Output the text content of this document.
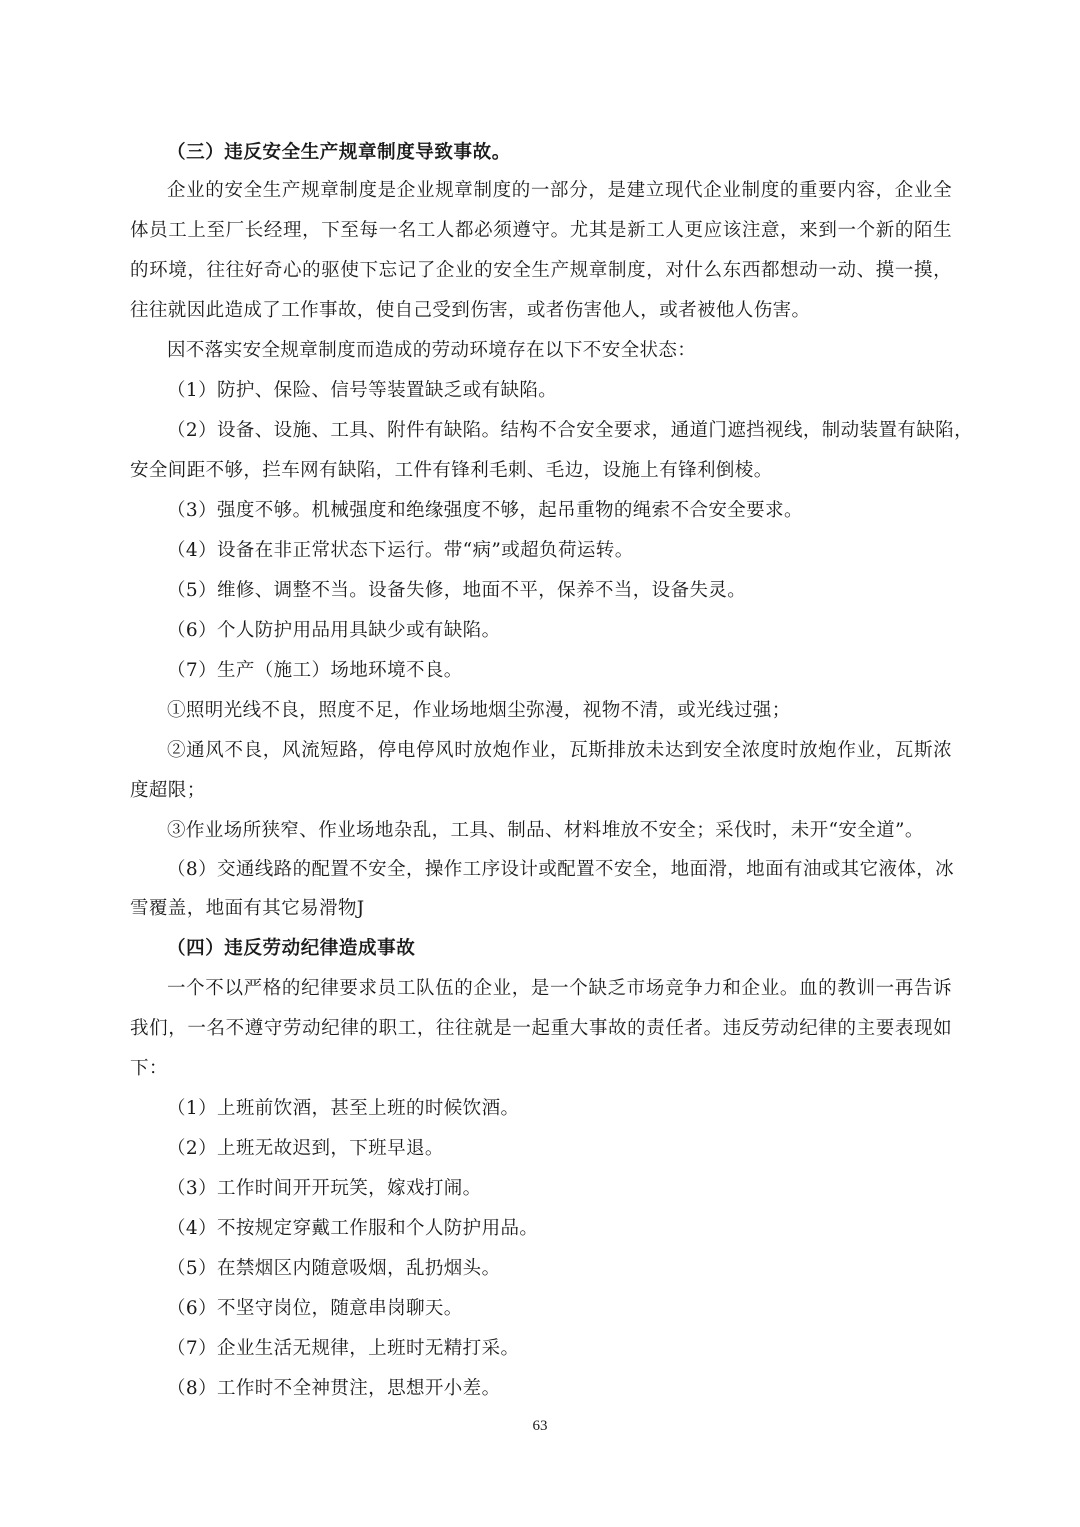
（三）违反安全生产规章制度导致事故。
企业的安全生产规章制度是企业规章制度的一部分，是建立现代企业制度的重要内容，企业全
体员工上至厂长经理，下至每一名工人都必须遵守。尤其是新工人更应该注意，来到一个新的陌生
的环境，往往好奇心的驱使下忘记了企业的安全生产规章制度，对什么东西都想动一动、摸一摸，
往往就因此造成了工作事故，使自己受到伤害，或者伤害他人，或者被他人伤害。
因不落实安全规章制度而造成的劳动环境存在以下不安全状态：
（1）防护、保险、信号等装置缺乏或有缺陷。
（2）设备、设施、工具、附件有缺陷。结构不合安全要求，通道门遮挡视线，制动装置有缺陷，
安全间距不够，拦车网有缺陷，工件有锋利毛刺、毛边，设施上有锋利倒棱。
（3）强度不够。机械强度和绝缘强度不够，起吊重物的绳索不合安全要求。
（4）设备在非正常状态下运行。带“病”或超负荷运转。
（5）维修、调整不当。设备失修，地面不平，保养不当，设备失灵。
（6）个人防护用品用具缺少或有缺陷。
（7）生产（施工）场地环境不良。
①照明光线不良，照度不足，作业场地烟尘弥漫，视物不清，或光线过强；
②通风不良，风流短路，停电停风时放炮作业，瓦斯排放未达到安全浓度时放炮作业，瓦斯浓
度超限；
③作业场所狭窄、作业场地杂乱，工具、制品、材料堆放不安全；采伐时，未开“安全道”。
（8）交通线路的配置不安全，操作工序设计或配置不安全，地面滑，地面有油或其它液体，冰
雪覆盖，地面有其它易滑物J
（四）违反劳动纪律造成事故
一个不以严格的纪律要求员工队伍的企业，是一个缺乏市场竞争力和企业。血的教训一再告诉
我们，一名不遵守劳动纪律的职工，往往就是一起重大事故的责任者。违反劳动纪律的主要表现如
下：
（1）上班前饮酒，甚至上班的时候饮酒。
（2）上班无故迟到，下班早退。
（3）工作时间开开玩笑，嫁戏打闹。
（4）不按规定穿戴工作服和个人防护用品。
（5）在禁烟区内随意吸烟，乱扔烟头。
（6）不坚守岗位，随意串岗聊天。
（7）企业生活无规律，上班时无精打采。
（8）工作时不全神贯注，思想开小差。
63
